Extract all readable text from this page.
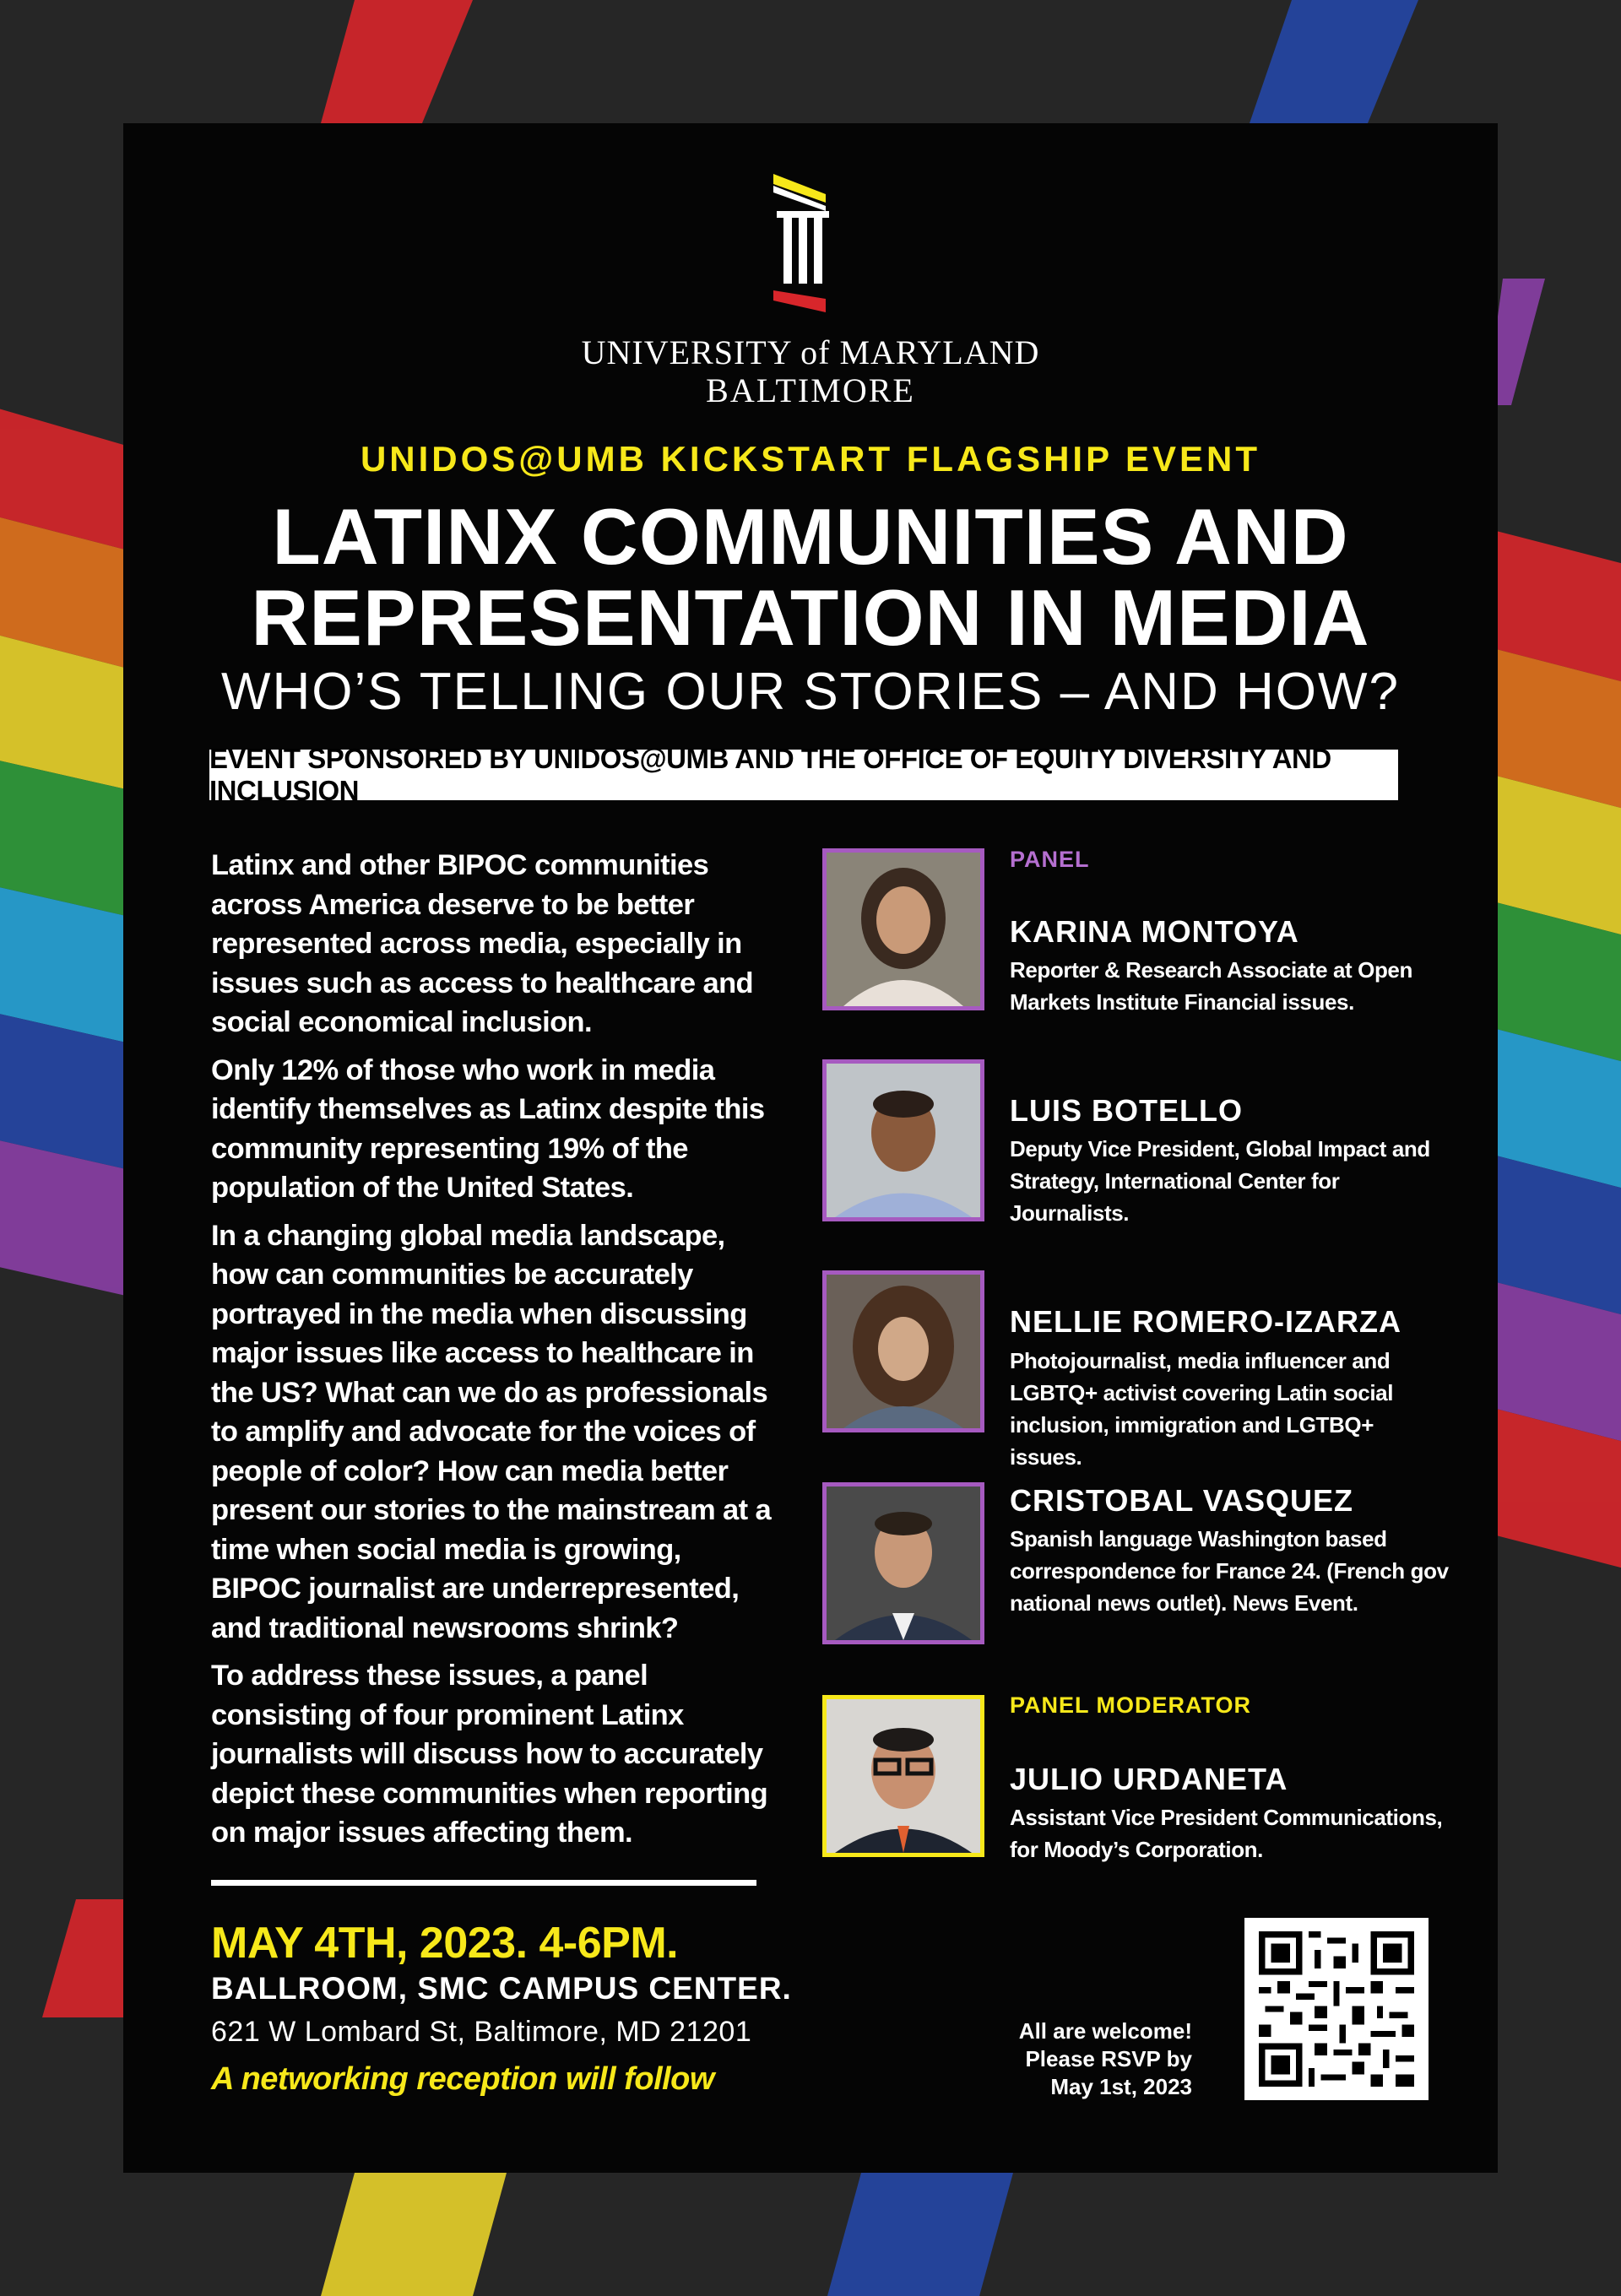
UNIVERSITY of MARYLAND
BALTIMORE
UNIDOS@UMB KICKSTART FLAGSHIP EVENT
LATINX COMMUNITIES AND
REPRESENTATION IN MEDIA
WHO’S TELLING OUR STORIES – AND HOW?
EVENT SPONSORED BY UNIDOS@UMB AND THE OFFICE OF EQUITY DIVERSITY AND INCLUSION

Latinx and other BIPOC communities across America deserve to be better represented across media, especially in issues such as access to healthcare and social economical inclusion.

Only 12% of those who work in media identify themselves as Latinx despite this community representing 19% of the population of the United States.

In a changing global media landscape, how can communities be accurately portrayed in the media when discussing major issues like access to healthcare in the US? What can we do as professionals to amplify and advocate for the voices of people of color? How can media better present our stories to the mainstream at a time when social media is growing, BIPOC journalist are underrepresented, and traditional newsrooms shrink?

To address these issues, a panel consisting of four prominent Latinx journalists will discuss how to accurately depict these communities when reporting on major issues affecting them.

MAY 4TH, 2023. 4-6PM.
BALLROOM, SMC CAMPUS CENTER.
621 W Lombard St, Baltimore, MD 21201
A networking reception will follow
All are welcome!
Please RSVP by
May 1st, 2023
PANEL
KARINA MONTOYA
Reporter & Research Associate at Open Markets Institute Financial issues.
LUIS BOTELLO
Deputy Vice President, Global Impact and Strategy, International Center for Journalists.
NELLIE ROMERO-IZARZA
Photojournalist, media influencer and LGBTQ+ activist covering Latin social inclusion, immigration and LGTBQ+ issues.
CRISTOBAL VASQUEZ
Spanish language Washington based correspondence for France 24. (French gov national news outlet). News Event.
PANEL MODERATOR
JULIO URDANETA
Assistant Vice President Communications, for Moody’s Corporation.
